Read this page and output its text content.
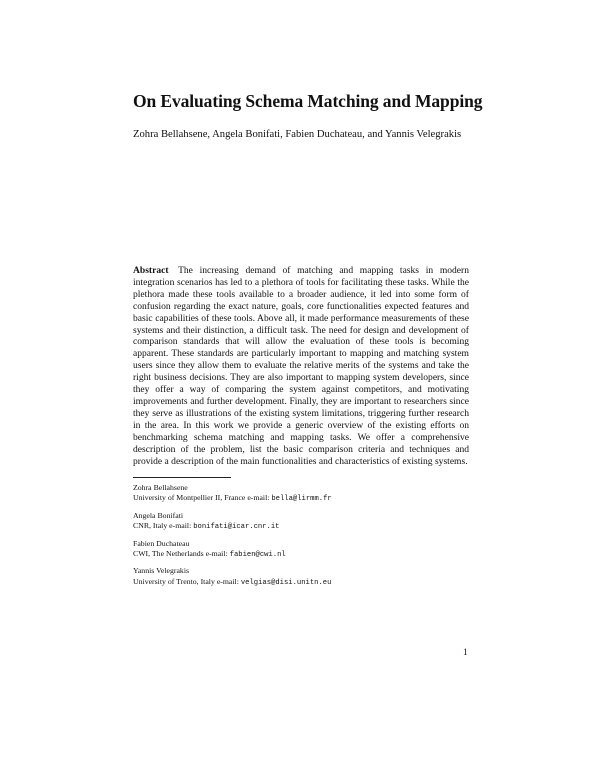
On Evaluating Schema Matching and Mapping
Zohra Bellahsene, Angela Bonifati, Fabien Duchateau, and Yannis Velegrakis
Abstract The increasing demand of matching and mapping tasks in modern integration scenarios has led to a plethora of tools for facilitating these tasks. While the plethora made these tools available to a broader audience, it led into some form of confusion regarding the exact nature, goals, core functionalities expected features and basic capabilities of these tools. Above all, it made performance measurements of these systems and their distinction, a difficult task. The need for design and development of comparison standards that will allow the evaluation of these tools is becoming apparent. These standards are particularly important to mapping and matching system users since they allow them to evaluate the relative merits of the systems and take the right business decisions. They are also important to mapping system developers, since they offer a way of comparing the system against competitors, and motivating improvements and further development. Finally, they are important to researchers since they serve as illustrations of the existing system limitations, triggering further research in the area. In this work we provide a generic overview of the existing efforts on benchmarking schema matching and mapping tasks. We offer a comprehensive description of the problem, list the basic comparison criteria and techniques and provide a description of the main functionalities and characteristics of existing systems.
Zohra Bellahsene
University of Montpellier II, France e-mail: bella@lirmm.fr
Angela Bonifati
CNR, Italy e-mail: bonifati@icar.cnr.it
Fabien Duchateau
CWI, The Netherlands e-mail: fabien@cwi.nl
Yannis Velegrakis
University of Trento, Italy e-mail: velgias@disi.unitn.eu
1
